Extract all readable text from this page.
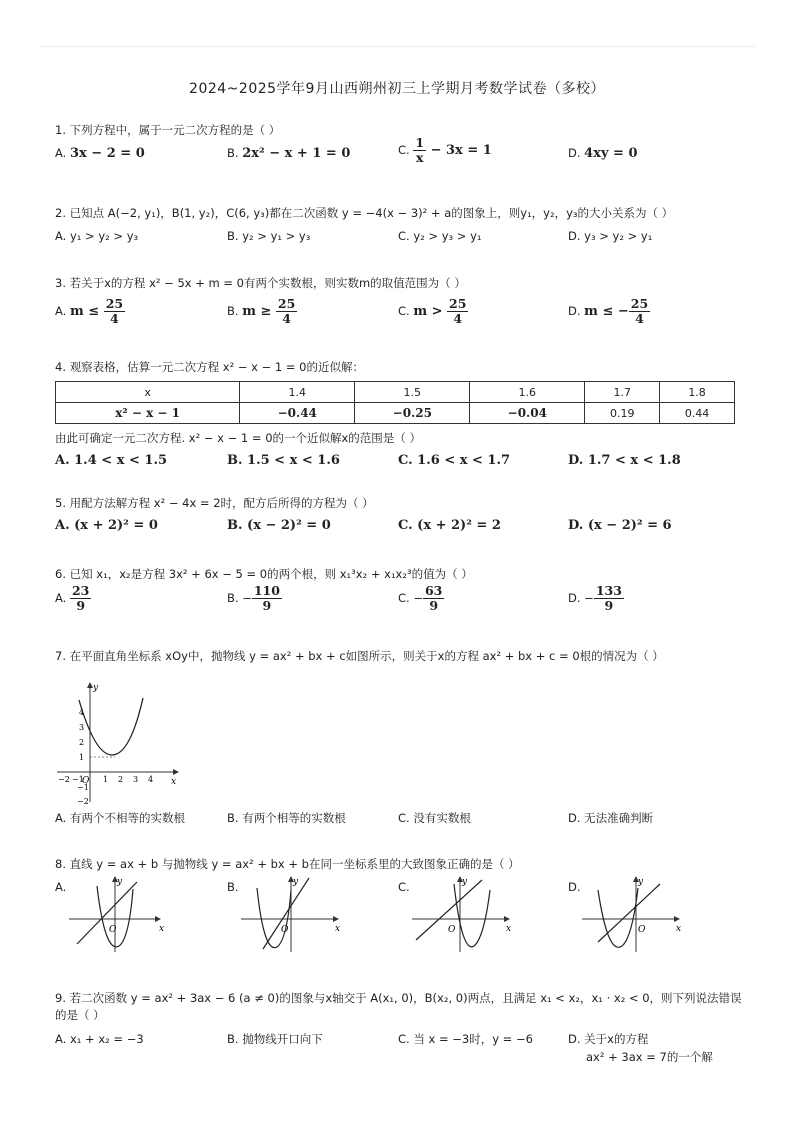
2024~2025学年9月山西朔州初三上学期月考数学试卷（多校）
1. 下列方程中，属于一元二次方程的是（ ）
A. 3x − 2 = 0	B. 2x² − x + 1 = 0	C. $\frac{1}{x} - 3x = 1$	D. 4xy = 0
2. 已知点 A(−2, y₁)，B(1, y₂)，C(6, y₃)都在二次函数 y = −4(x − 3)² + a的图象上，则y₁，y₂，y₃的大小关系为（ ）
A. y₁ > y₂ > y₃	B. y₂ > y₁ > y₃	C. y₂ > y₃ > y₁	D. y₃ > y₂ > y₁
3. 若关于x的方程 x² − 5x + m = 0有两个实数根，则实数m的取值范围为（ ）
A. $m \le \frac{25}{4}$	B. $m \ge \frac{25}{4}$	C. $m > \frac{25}{4}$	D. m ≤ − $\frac{25}{4}$
4. 观察表格，估算一元二次方程 x² − x − 1 = 0的近似解：
x	1.4	1.5	1.6	1.7	1.8
x² − x − 1	−0.44	−0.25	−0.04	0.19	0.44
由此可确定一元二次方程. x² − x − 1 = 0的一个近似解x的范围是（ ）
A. 1.4 < x < 1.5	B. 1.5 < x < 1.6	C. 1.6 < x < 1.7	D. 1.7 < x < 1.8
5. 用配方法解方程 x² − 4x = 2时，配方后所得的方程为（ ）
A. (x + 2)² = 0	B. (x − 2)² = 0	C. (x + 2)² = 2	D. (x − 2)² = 6
6. 已知 x₁，x₂是方程 3x² + 6x − 5 = 0的两个根，则 x₁³x₂ + x₁x₂³的值为（ ）
A. $\frac{23}{9}$	B. − $\frac{110}{9}$	C. − $\frac{63}{9}$	D. − $\frac{133}{9}$
7. 在平面直角坐标系 xOy中，抛物线 y = ax² + bx + c如图所示，则关于x的方程 ax² + bx + c = 0根的情况为（ ）
y
x
O
4
3
2
1
−1
−2
−2 −1 1 2 3 4
A. 有两个不相等的实数根	B. 有两个相等的实数根	C. 没有实数根	D. 无法准确判断
8. 直线 y = ax + b 与抛物线 y = ax² + bx + b在同一坐标系里的大致图象正确的是（ ）
A.	y
x
O
B.	y
x
O
C.	y
x
O
D.	y
x
O
9. 若二次函数 y = ax² + 3ax − 6 (a ≠ 0)的图象与x轴交于 A(x₁, 0)，B(x₂, 0)两点，且满足 x₁ < x₂，x₁ · x₂ < 0，则下列说法错误的是（ ）
A. x₁ + x₂ = −3	B. 抛物线开口向下	C. 当 x = −3时，y = −6	D. 关于x的方程
ax² + 3ax = 7的一个解
